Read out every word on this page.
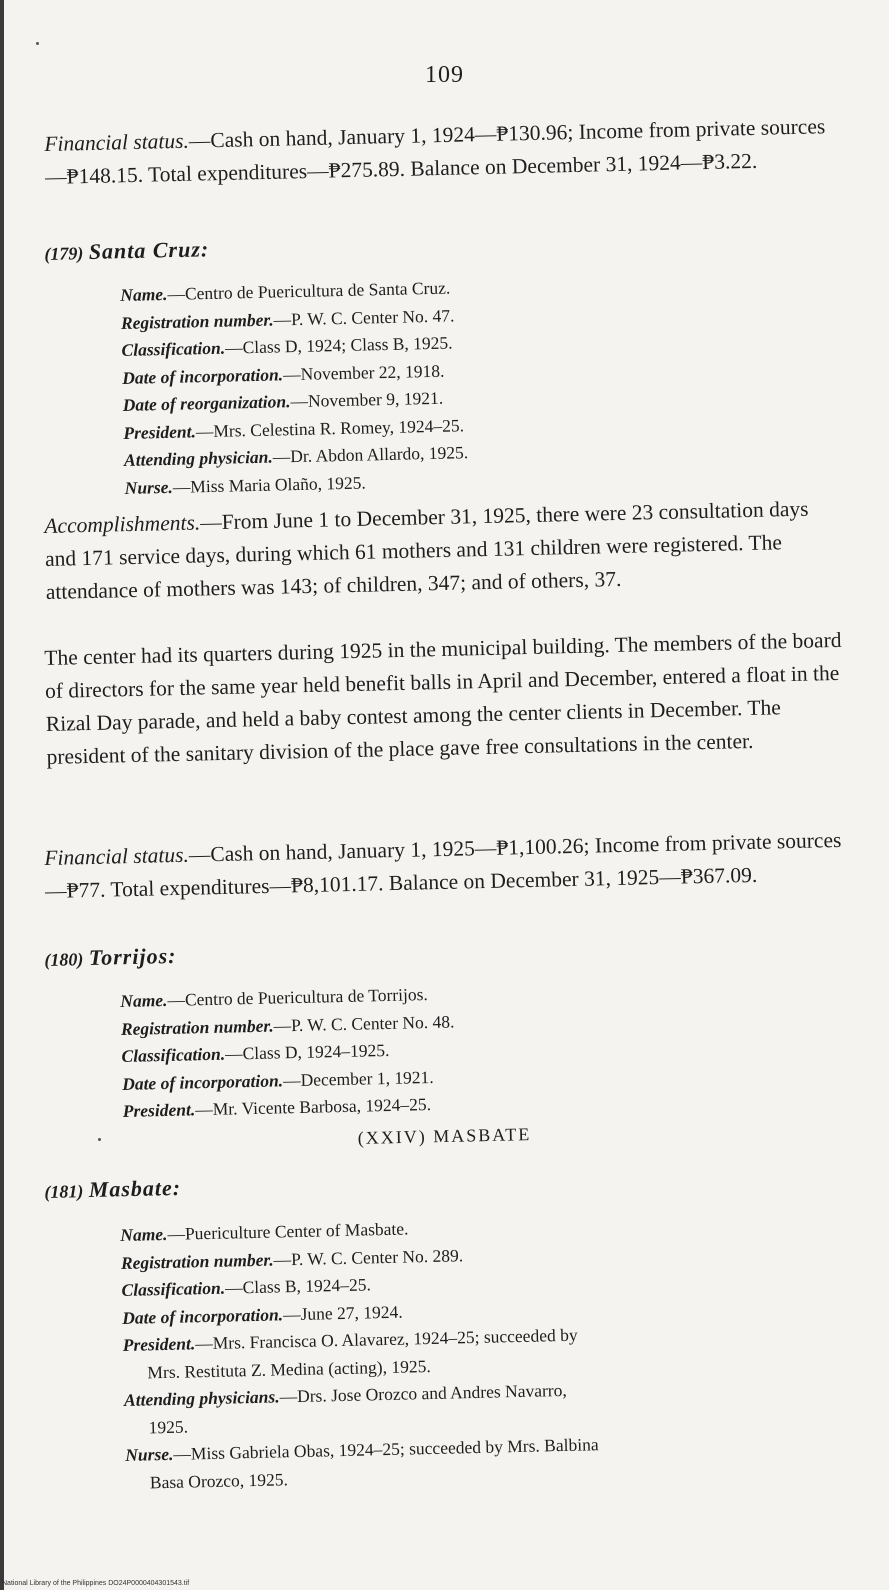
109

Financial status.—Cash on hand, January 1, 1924—₱130.96; Income from private sources—₱148.15. Total expenditures—₱275.89. Balance on December 31, 1924—₱3.22.

(179) Santa Cruz:
Name.—Centro de Puericultura de Santa Cruz.
Registration number.—P. W. C. Center No. 47.
Classification.—Class D, 1924; Class B, 1925.
Date of incorporation.—November 22, 1918.
Date of reorganization.—November 9, 1921.
President.—Mrs. Celestina R. Romey, 1924–25.
Attending physician.—Dr. Abdon Allardo, 1925.
Nurse.—Miss Maria Olaño, 1925.

Accomplishments.—From June 1 to December 31, 1925, there were 23 consultation days and 171 service days, during which 61 mothers and 131 children were registered. The attendance of mothers was 143; of children, 347; and of others, 37.

The center had its quarters during 1925 in the municipal building. The members of the board of directors for the same year held benefit balls in April and December, entered a float in the Rizal Day parade, and held a baby contest among the center clients in December. The president of the sanitary division of the place gave free consultations in the center.

Financial status.—Cash on hand, January 1, 1925—₱1,100.26; Income from private sources—₱77. Total expenditures—₱8,101.17. Balance on December 31, 1925—₱367.09.

(180) Torrijos:
Name.—Centro de Puericultura de Torrijos.
Registration number.—P. W. C. Center No. 48.
Classification.—Class D, 1924–1925.
Date of incorporation.—December 1, 1921.
President.—Mr. Vicente Barbosa, 1924–25.
(XXIV) MASBATE
(181) Masbate:
Name.—Puericulture Center of Masbate.
Registration number.—P. W. C. Center No. 289.
Classification.—Class B, 1924–25.
Date of incorporation.—June 27, 1924.
President.—Mrs. Francisca O. Alavarez, 1924–25; succeeded by
Mrs. Restituta Z. Medina (acting), 1925.
Attending physicians.—Drs. Jose Orozco and Andres Navarro,
1925.
Nurse.—Miss Gabriela Obas, 1924–25; succeeded by Mrs. Balbina
Basa Orozco, 1925.
National Library of the Philippines DO24P0000404301543.tif
